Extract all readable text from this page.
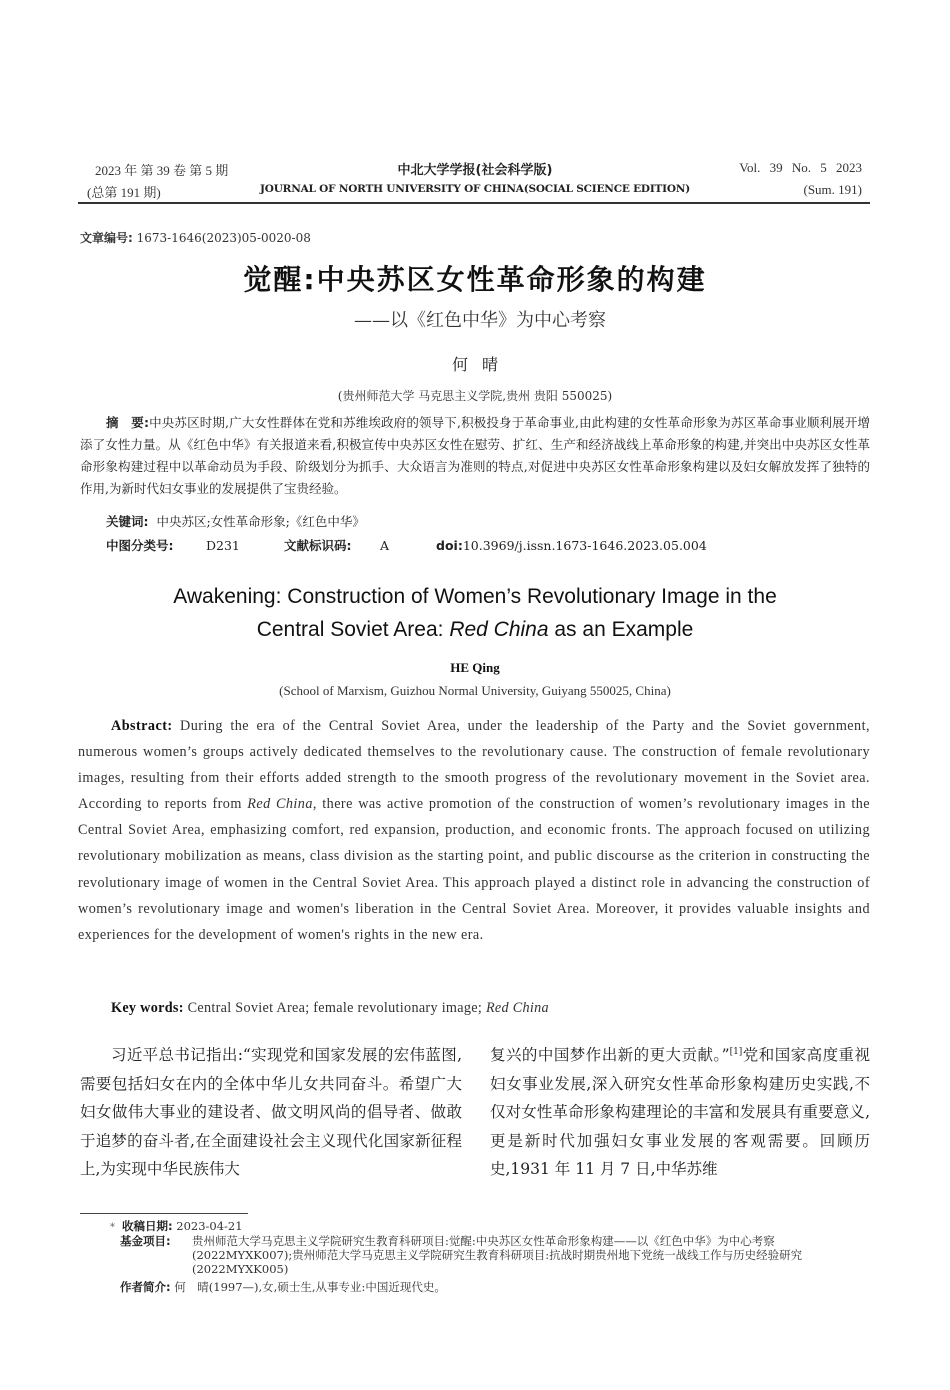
2023 年 第 39 卷 第 5 期
(总第 191 期)
中北大学学报(社会科学版)
JOURNAL OF NORTH UNIVERSITY OF CHINA(SOCIAL SCIENCE EDITION)
Vol. 39 No. 5 2023
(Sum. 191)
文章编号: 1673-1646(2023)05-0020-08
觉醒:中央苏区女性革命形象的构建
——以《红色中华》为中心考察
何晴
(贵州师范大学 马克思主义学院,贵州 贵阳 550025)
摘　要:中央苏区时期,广大女性群体在党和苏维埃政府的领导下,积极投身于革命事业,由此构建的女性革命形象为苏区革命事业顺利展开增添了女性力量。从《红色中华》有关报道来看,积极宣传中央苏区女性在慰劳、扩红、生产和经济战线上革命形象的构建,并突出中央苏区女性革命形象构建过程中以革命动员为手段、阶级划分为抓手、大众语言为准则的特点,对促进中央苏区女性革命形象构建以及妇女解放发挥了独特的作用,为新时代妇女事业的发展提供了宝贵经验。
关键词: 中央苏区;女性革命形象;《红色中华》
中图分类号:	D231	文献标识码: A	doi:10.3969/j.issn.1673-1646.2023.05.004
Awakening: Construction of Women’s Revolutionary Image in the
Central Soviet Area: Red China as an Example
HE Qing
(School of Marxism, Guizhou Normal University, Guiyang 550025, China)
Abstract: During the era of the Central Soviet Area, under the leadership of the Party and the Soviet government, numerous women’s groups actively dedicated themselves to the revolutionary cause. The construction of female revolutionary images, resulting from their efforts added strength to the smooth progress of the revolutionary movement in the Soviet area. According to reports from Red China, there was active promotion of the construction of women’s revolutionary images in the Central Soviet Area, emphasizing comfort, red expansion, production, and economic fronts. The approach focused on utilizing revolutionary mobilization as means, class division as the starting point, and public discourse as the criterion in constructing the revolutionary image of women in the Central Soviet Area. This approach played a distinct role in advancing the construction of women’s revolutionary image and women's liberation in the Central Soviet Area. Moreover, it provides valuable insights and experiences for the development of women's rights in the new era.
Key words: Central Soviet Area; female revolutionary image; Red China
习近平总书记指出:“实现党和国家发展的宏伟蓝图,需要包括妇女在内的全体中华儿女共同奋斗。希望广大妇女做伟大事业的建设者、做文明风尚的倡导者、做敢于追梦的奋斗者,在全面建设社会主义现代化国家新征程上,为实现中华民族伟大
复兴的中国梦作出新的更大贡献。”[1]党和国家高度重视妇女事业发展,深入研究女性革命形象构建历史实践,不仅对女性革命形象构建理论的丰富和发展具有重要意义,更是新时代加强妇女事业发展的客观需要。回顾历史,1931 年 11 月 7 日,中华苏维
* 收稿日期: 2023-04-21
基金项目: 贵州师范大学马克思主义学院研究生教育科研项目:觉醒:中央苏区女性革命形象构建——以《红色中华》为中心考察(2022MYXK007);贵州师范大学马克思主义学院研究生教育科研项目:抗战时期贵州地下党统一战线工作与历史经验研究(2022MYXK005)
作者简介: 何　晴(1997—),女,硕士生,从事专业:中国近现代史。
